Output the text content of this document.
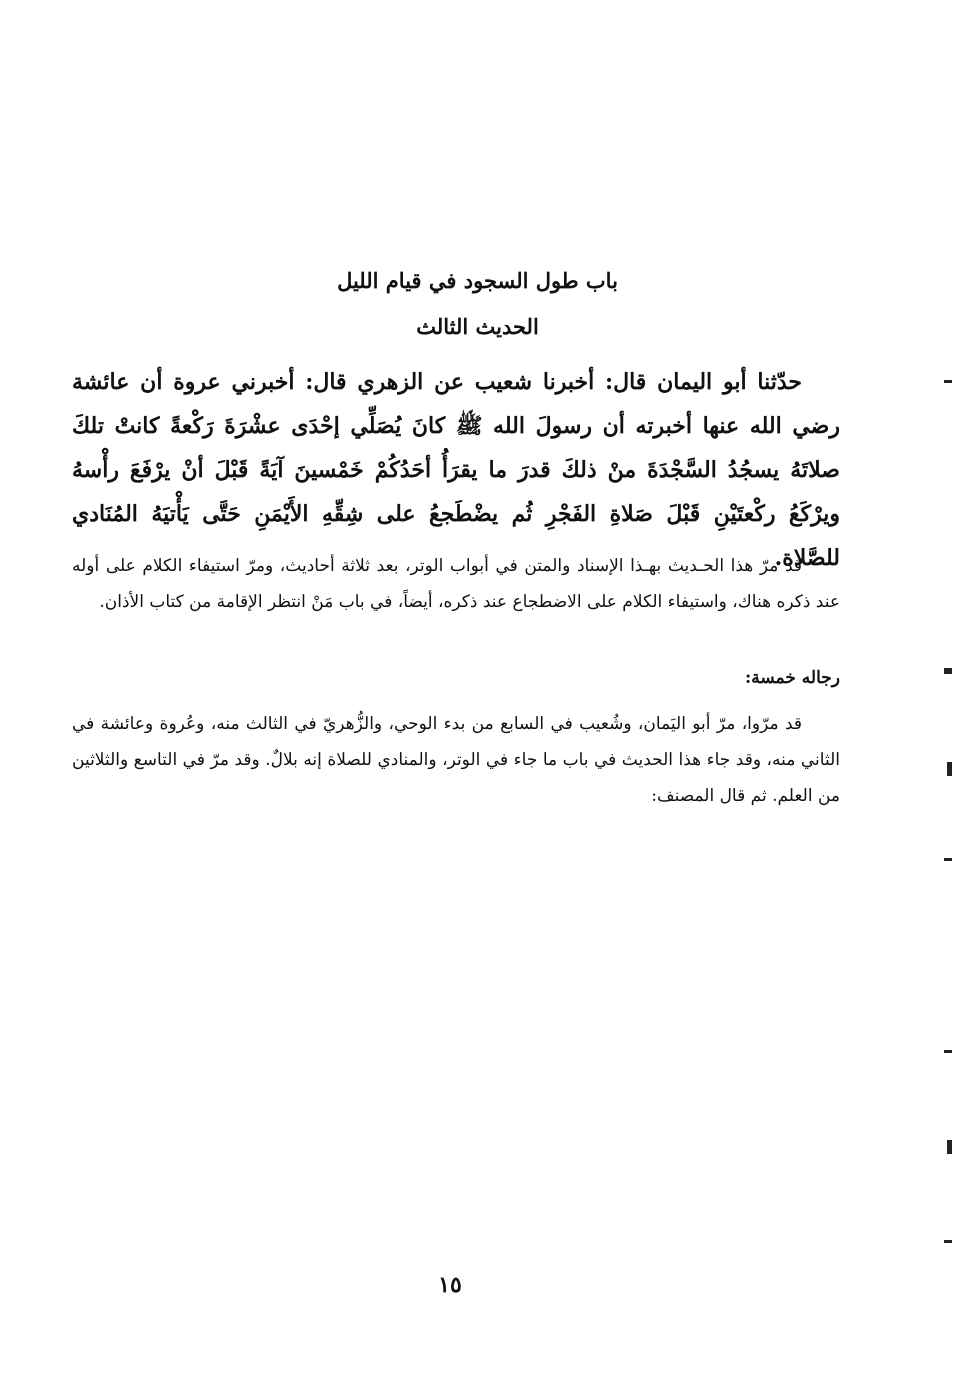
باب طول السجود في قيام الليل
الحديث الثالث

حدّثنا أبو اليمان قال: أخبرنا شعيب عن الزهري قال: أخبرني عروة أن عائشة رضي الله عنها أخبرته أن رسولَ الله ﷺ كانَ يُصَلِّي إحْدَى عشْرَةَ رَكْعةً كانتْ تلكَ صلاتَهُ يسجُدُ السَّجْدَةَ منْ ذلكَ قدرَ ما يقرَأُ أحَدُكُمْ خَمْسينَ آيَةً قَبْلَ أنْ يرْفَعَ رأْسهُ ويرْكَعُ ركْعتَيْنِ قَبْلَ صَلاةِ الفَجْرِ ثُم يضْطَجعُ على شِقِّهِ الأَيْمَنِ حَتَّى يَأْتيَهُ المُنَادي للصَّلاة.

قد مرّ هذا الحـديث بهـذا الإسناد والمتن في أبواب الوتر، بعد ثلاثة أحاديث، ومرّ استيفاء الكلام على أوله عند ذكره هناك، واستيفاء الكلام على الاضطجاع عند ذكره، أيضاً، في باب مَنْ انتظر الإقامة من كتاب الأذان.

رجاله خمسة:

قد مرّوا، مرّ أبو اليَمان، وشُعيب في السابع من بدء الوحي، والزُّهريّ في الثالث منه، وعُروة وعائشة في الثاني منه، وقد جاء هذا الحديث في باب ما جاء في الوتر، والمنادي للصلاة إنه بلالٌ. وقد مرّ في التاسع والثلاثين من العلم. ثم قال المصنف:

١٥
